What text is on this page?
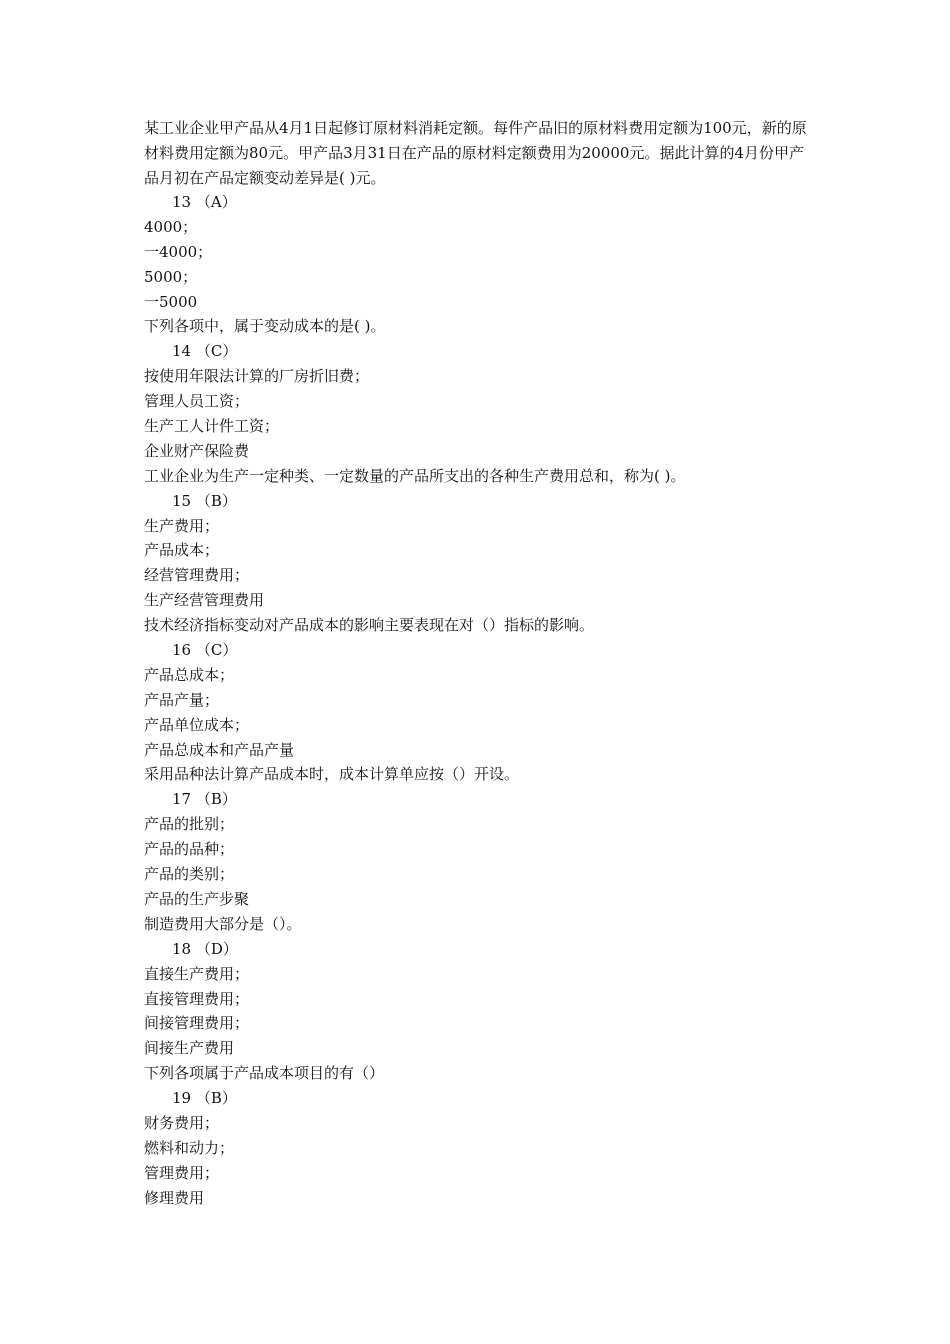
某工业企业甲产品从4月1日起修订原材料消耗定额。每件产品旧的原材料费用定额为100元，新的原材料费用定额为80元。甲产品3月31日在产品的原材料定额费用为20000元。据此计算的4月份甲产品月初在产品定额变动差异是( )元。

13 （A）
4000；
一4000；
5000；
一5000
下列各项中，属于变动成本的是( )。
14 （C）
按使用年限法计算的厂房折旧费；
管理人员工资；
生产工人计件工资；
企业财产保险费
工业企业为生产一定种类、一定数量的产品所支出的各种生产费用总和，称为( )。
15 （B）
生产费用；
产品成本；
经营管理费用；
生产经营管理费用
技术经济指标变动对产品成本的影响主要表现在对（）指标的影响。
16 （C）
产品总成本；
产品产量；
产品单位成本；
产品总成本和产品产量
采用品种法计算产品成本时，成本计算单应按（）开设。
17 （B）
产品的批别；
产品的品种；
产品的类别；
产品的生产步聚
制造费用大部分是（）。
18 （D）
直接生产费用；
直接管理费用；
间接管理费用；
间接生产费用
下列各项属于产品成本项目的有（）
19 （B）
财务费用；
燃料和动力；
管理费用；
修理费用
